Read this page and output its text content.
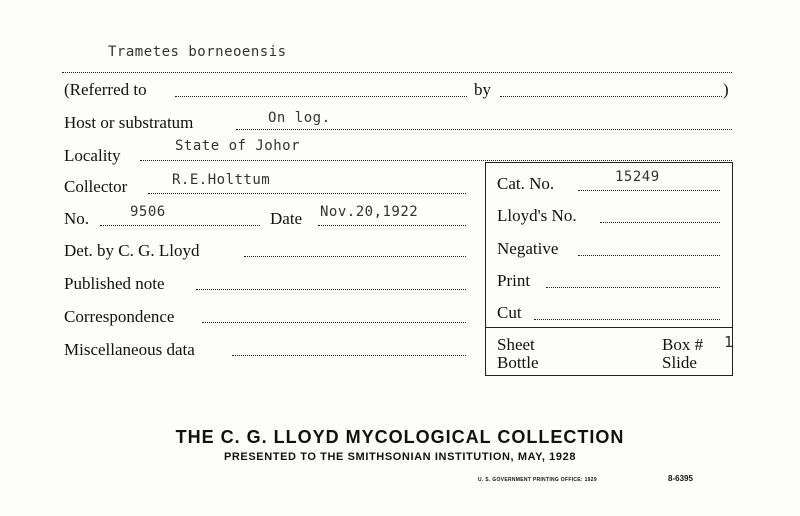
Trametes borneoensis
(Referred to	by	)
Host or substratum	On log.
Locality	State of Johor
Collector	R.E.Holttum
No.	9506	Date Nov.20,1922
Det. by C. G. Lloyd
Published note
Correspondence
Miscellaneous data
Cat. No.	15249
Lloyd's No.
Negative
Print
Cut
Sheet
Bottle
Box # 1
Slide
THE C. G. LLOYD MYCOLOGICAL COLLECTION
PRESENTED TO THE SMITHSONIAN INSTITUTION, MAY, 1928
U. S. GOVERNMENT PRINTING OFFICE: 1929	8-6395
